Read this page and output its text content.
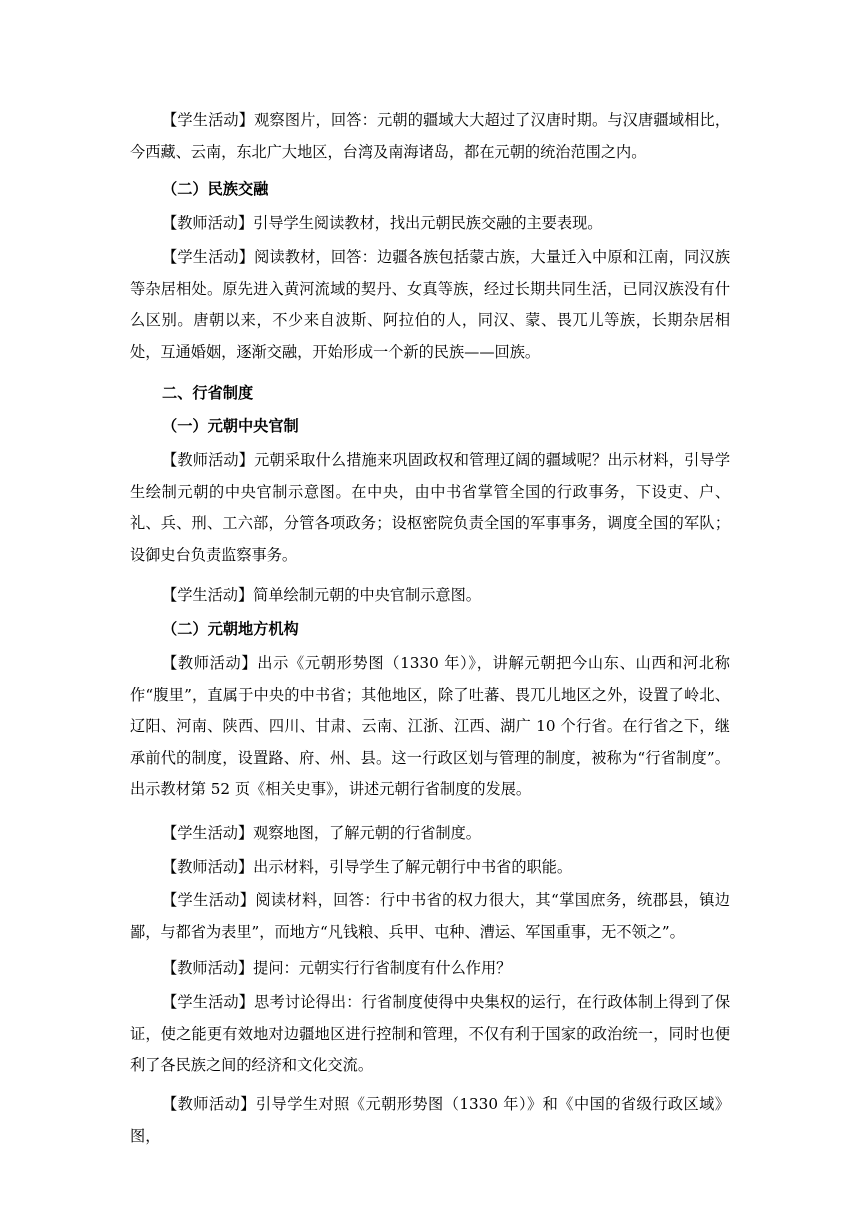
【学生活动】观察图片，回答：元朝的疆域大大超过了汉唐时期。与汉唐疆域相比，今西藏、云南，东北广大地区，台湾及南海诸岛，都在元朝的统治范围之内。

（二）民族交融

【教师活动】引导学生阅读教材，找出元朝民族交融的主要表现。

【学生活动】阅读教材，回答：边疆各族包括蒙古族，大量迁入中原和江南，同汉族等杂居相处。原先进入黄河流域的契丹、女真等族，经过长期共同生活，已同汉族没有什么区别。唐朝以来，不少来自波斯、阿拉伯的人，同汉、蒙、畏兀儿等族，长期杂居相处，互通婚姻，逐渐交融，开始形成一个新的民族——回族。

二、行省制度

（一）元朝中央官制

【教师活动】元朝采取什么措施来巩固政权和管理辽阔的疆域呢？出示材料，引导学生绘制元朝的中央官制示意图。在中央，由中书省掌管全国的行政事务，下设吏、户、礼、兵、刑、工六部，分管各项政务；设枢密院负责全国的军事事务，调度全国的军队；设御史台负责监察事务。

【学生活动】简单绘制元朝的中央官制示意图。

（二）元朝地方机构

【教师活动】出示《元朝形势图（1330 年）》，讲解元朝把今山东、山西和河北称作“腹里”，直属于中央的中书省；其他地区，除了吐蕃、畏兀儿地区之外，设置了岭北、辽阳、河南、陕西、四川、甘肃、云南、江浙、江西、湖广 10 个行省。在行省之下，继承前代的制度，设置路、府、州、县。这一行政区划与管理的制度，被称为“行省制度”。出示教材第 52 页《相关史事》，讲述元朝行省制度的发展。

【学生活动】观察地图，了解元朝的行省制度。

【教师活动】出示材料，引导学生了解元朝行中书省的职能。

【学生活动】阅读材料，回答：行中书省的权力很大，其“掌国庶务，统郡县，镇边鄙，与都省为表里”，而地方“凡钱粮、兵甲、屯种、漕运、军国重事，无不领之”。

【教师活动】提问：元朝实行行省制度有什么作用？

【学生活动】思考讨论得出：行省制度使得中央集权的运行，在行政体制上得到了保证，使之能更有效地对边疆地区进行控制和管理，不仅有利于国家的政治统一，同时也便利了各民族之间的经济和文化交流。

【教师活动】引导学生对照《元朝形势图（1330 年）》和《中国的省级行政区域》图，
